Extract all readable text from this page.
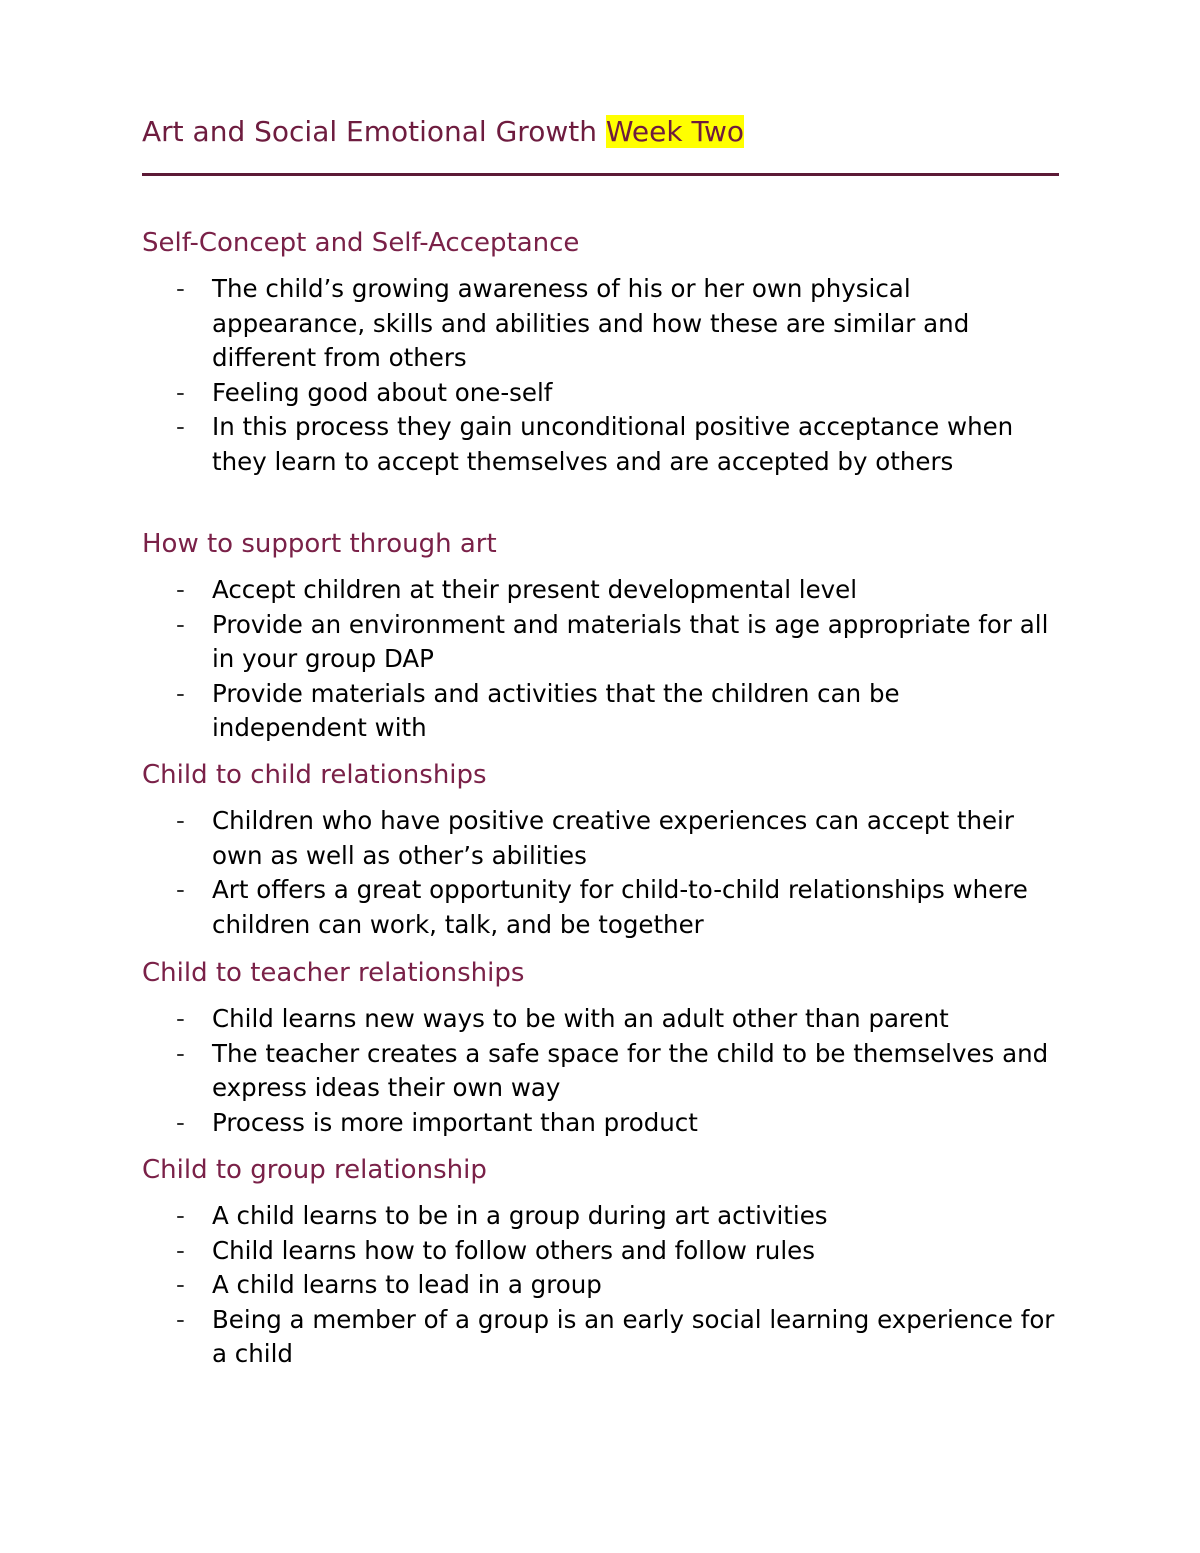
Art and Social Emotional Growth Week Two
Self-Concept and Self-Acceptance
- The child’s growing awareness of his or her own physical appearance, skills and abilities and how these are similar and different from others
- Feeling good about one-self
- In this process they gain unconditional positive acceptance when they learn to accept themselves and are accepted by others
How to support through art
- Accept children at their present developmental level
- Provide an environment and materials that is age appropriate for all in your group DAP
- Provide materials and activities that the children can be independent with
Child to child relationships
- Children who have positive creative experiences can accept their own as well as other’s abilities
- Art offers a great opportunity for child-to-child relationships where children can work, talk, and be together
Child to teacher relationships
- Child learns new ways to be with an adult other than parent
- The teacher creates a safe space for the child to be themselves and express ideas their own way
- Process is more important than product
Child to group relationship
- A child learns to be in a group during art activities
- Child learns how to follow others and follow rules
- A child learns to lead in a group
- Being a member of a group is an early social learning experience for a child
